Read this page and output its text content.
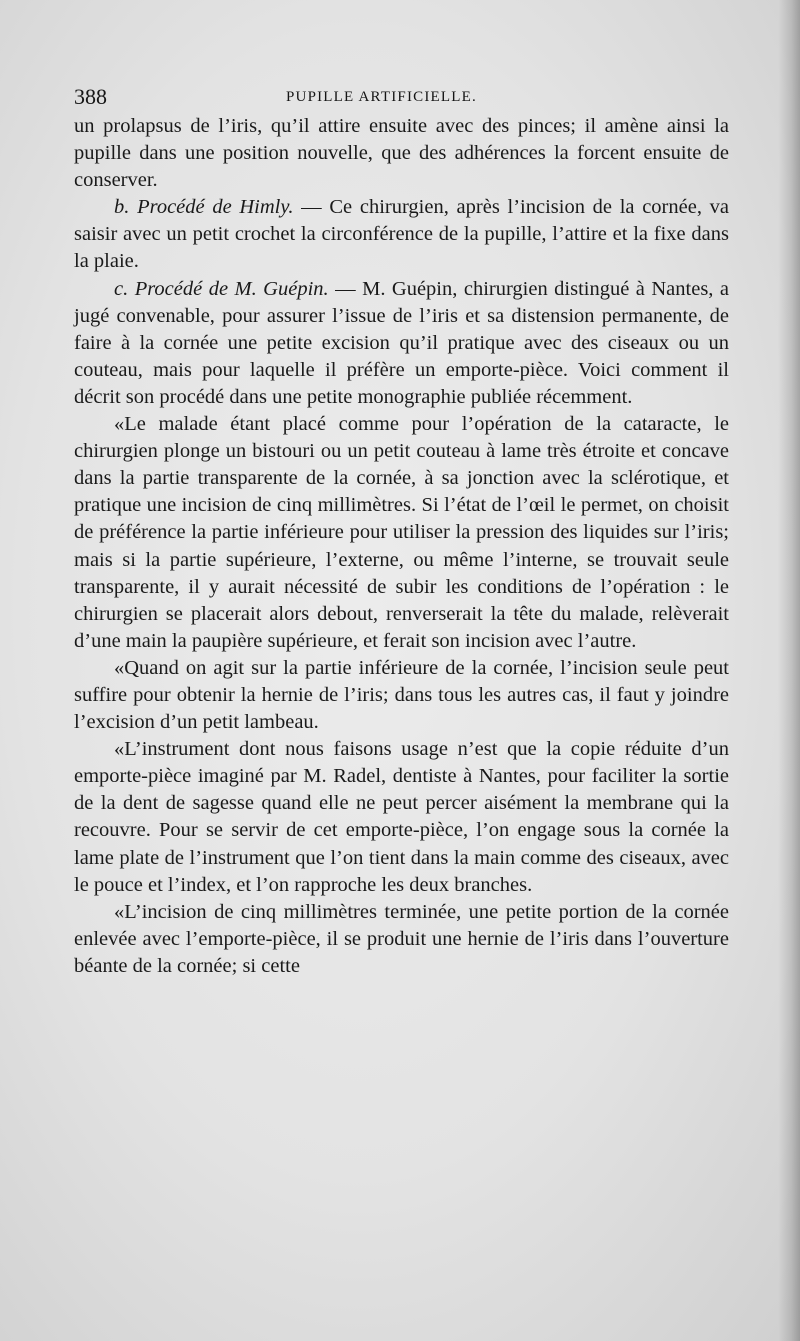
388	PUPILLE ARTIFICIELLE.

un prolapsus de l’iris, qu’il attire ensuite avec des pinces; il amène ainsi la pupille dans une position nouvelle, que des adhérences la forcent ensuite de conserver.

b. Procédé de Himly. — Ce chirurgien, après l’incision de la cornée, va saisir avec un petit crochet la circonférence de la pupille, l’attire et la fixe dans la plaie.

c. Procédé de M. Guépin. — M. Guépin, chirurgien distingué à Nantes, a jugé convenable, pour assurer l’issue de l’iris et sa distension permanente, de faire à la cornée une petite excision qu’il pratique avec des ciseaux ou un couteau, mais pour laquelle il préfère un emporte-pièce. Voici comment il décrit son procédé dans une petite monographie publiée récemment.

«Le malade étant placé comme pour l’opération de la cataracte, le chirurgien plonge un bistouri ou un petit couteau à lame très étroite et concave dans la partie transparente de la cornée, à sa jonction avec la sclérotique, et pratique une incision de cinq millimètres. Si l’état de l’œil le permet, on choisit de préférence la partie inférieure pour utiliser la pression des liquides sur l’iris; mais si la partie supérieure, l’externe, ou même l’interne, se trouvait seule transparente, il y aurait nécessité de subir les conditions de l’opération : le chirurgien se placerait alors debout, renverserait la tête du malade, relèverait d’une main la paupière supérieure, et ferait son incision avec l’autre.

«Quand on agit sur la partie inférieure de la cornée, l’incision seule peut suffire pour obtenir la hernie de l’iris; dans tous les autres cas, il faut y joindre l’excision d’un petit lambeau.

«L’instrument dont nous faisons usage n’est que la copie réduite d’un emporte-pièce imaginé par M. Radel, dentiste à Nantes, pour faciliter la sortie de la dent de sagesse quand elle ne peut percer aisément la membrane qui la recouvre. Pour se servir de cet emporte-pièce, l’on engage sous la cornée la lame plate de l’instrument que l’on tient dans la main comme des ciseaux, avec le pouce et l’index, et l’on rapproche les deux branches.

«L’incision de cinq millimètres terminée, une petite portion de la cornée enlevée avec l’emporte-pièce, il se produit une hernie de l’iris dans l’ouverture béante de la cornée; si cette
